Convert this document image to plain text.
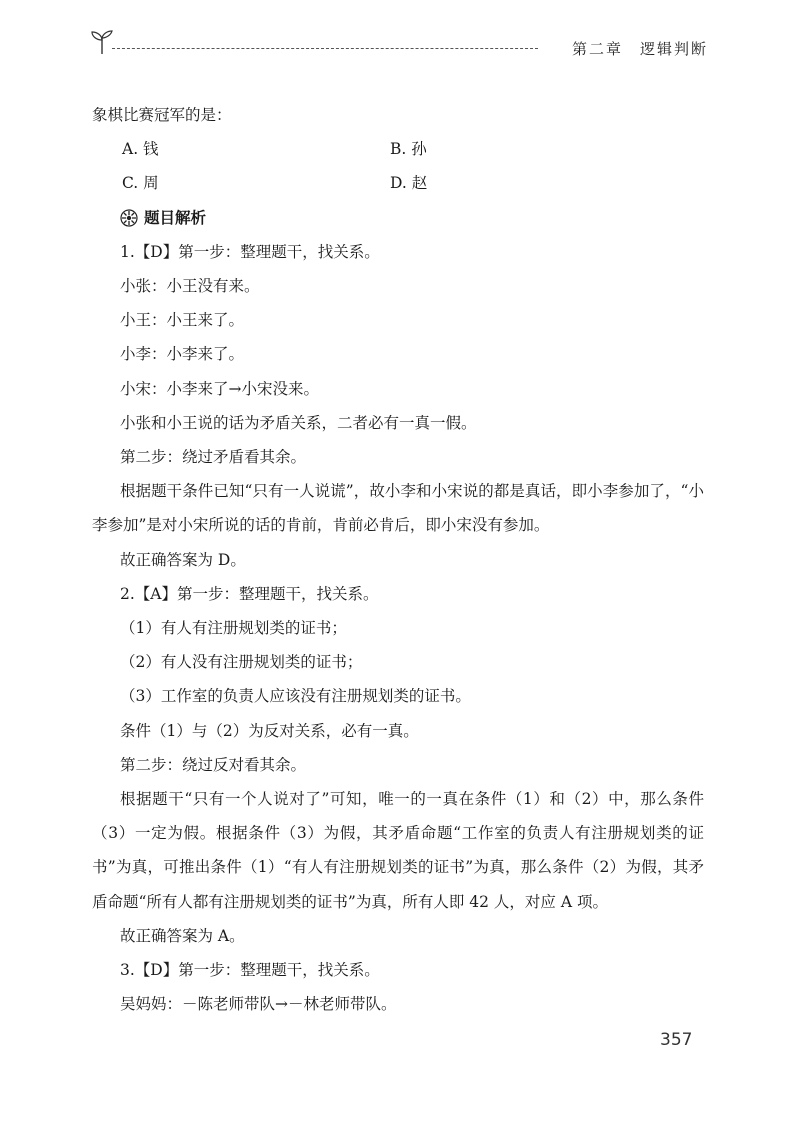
第二章　逻辑判断
象棋比赛冠军的是：
A. 钱	B. 孙
C. 周	D. 赵
题目解析
1.【D】第一步：整理题干，找关系。
小张：小王没有来。
小王：小王来了。
小李：小李来了。
小宋：小李来了→小宋没来。
小张和小王说的话为矛盾关系，二者必有一真一假。
第二步：绕过矛盾看其余。
根据题干条件已知“只有一人说谎”，故小李和小宋说的都是真话，即小李参加了，“小李参加”是对小宋所说的话的肯前，肯前必肯后，即小宋没有参加。
故正确答案为 D。
2.【A】第一步：整理题干，找关系。
（1）有人有注册规划类的证书；
（2）有人没有注册规划类的证书；
（3）工作室的负责人应该没有注册规划类的证书。
条件（1）与（2）为反对关系，必有一真。
第二步：绕过反对看其余。
根据题干“只有一个人说对了”可知，唯一的一真在条件（1）和（2）中，那么条件（3）一定为假。根据条件（3）为假，其矛盾命题“工作室的负责人有注册规划类的证书”为真，可推出条件（1）“有人有注册规划类的证书”为真，那么条件（2）为假，其矛盾命题“所有人都有注册规划类的证书”为真，所有人即 42 人，对应 A 项。
故正确答案为 A。
3.【D】第一步：整理题干，找关系。
吴妈妈：－陈老师带队→－林老师带队。
357
